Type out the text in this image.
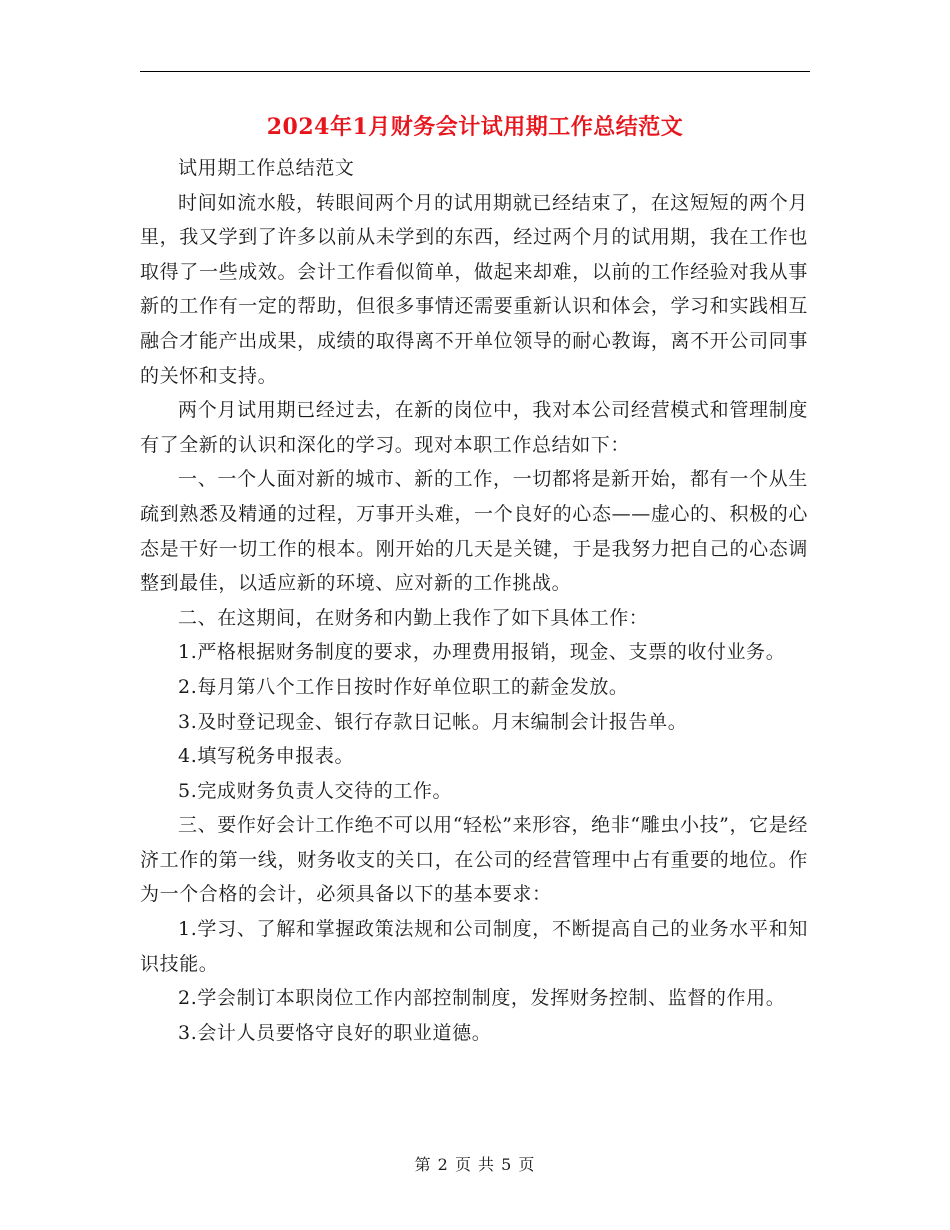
2024年1月财务会计试用期工作总结范文

试用期工作总结范文

时间如流水般，转眼间两个月的试用期就已经结束了，在这短短的两个月里，我又学到了许多以前从未学到的东西，经过两个月的试用期，我在工作也取得了一些成效。会计工作看似简单，做起来却难，以前的工作经验对我从事新的工作有一定的帮助，但很多事情还需要重新认识和体会，学习和实践相互融合才能产出成果，成绩的取得离不开单位领导的耐心教诲，离不开公司同事的关怀和支持。

两个月试用期已经过去，在新的岗位中，我对本公司经营模式和管理制度有了全新的认识和深化的学习。现对本职工作总结如下：

一、一个人面对新的城市、新的工作，一切都将是新开始，都有一个从生疏到熟悉及精通的过程，万事开头难，一个良好的心态——虚心的、积极的心态是干好一切工作的根本。刚开始的几天是关键，于是我努力把自己的心态调整到最佳，以适应新的环境、应对新的工作挑战。

二、在这期间，在财务和内勤上我作了如下具体工作：

1.严格根据财务制度的要求，办理费用报销，现金、支票的收付业务。

2.每月第八个工作日按时作好单位职工的薪金发放。

3.及时登记现金、银行存款日记帐。月末编制会计报告单。

4.填写税务申报表。

5.完成财务负责人交待的工作。

三、要作好会计工作绝不可以用“轻松”来形容，绝非“雕虫小技”，它是经济工作的第一线，财务收支的关口，在公司的经营管理中占有重要的地位。作为一个合格的会计，必须具备以下的基本要求：

1.学习、了解和掌握政策法规和公司制度，不断提高自己的业务水平和知识技能。

2.学会制订本职岗位工作内部控制制度，发挥财务控制、监督的作用。

3.会计人员要恪守良好的职业道德。

第 2 页 共 5 页
